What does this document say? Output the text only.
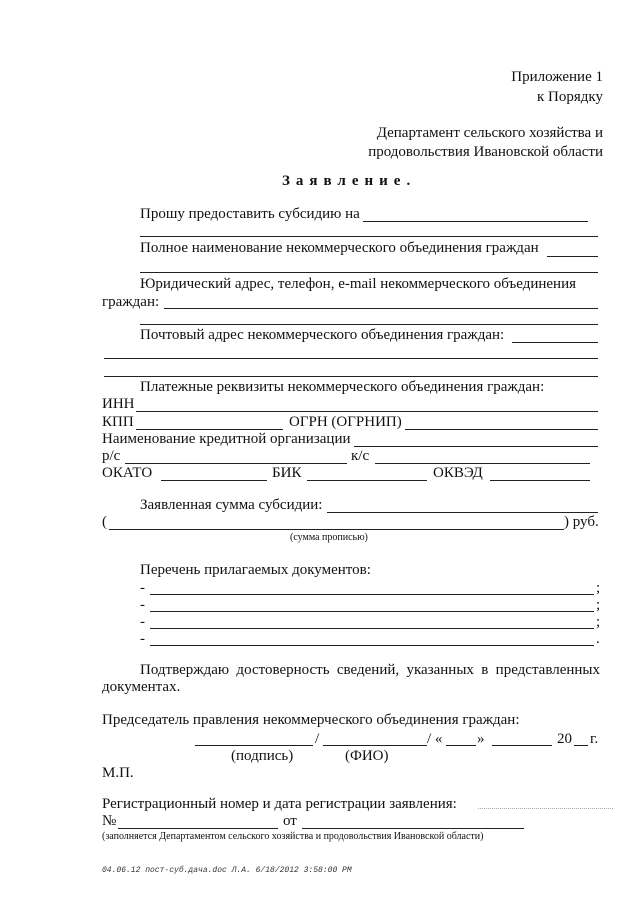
Приложение 1
к Порядку
Департамент сельского хозяйства и
продовольствия Ивановской области
Заявление.
Прошу предоставить субсидию на
Полное наименование некоммерческого объединения граждан
Юридический адрес, телефон, e-mail некоммерческого объединения
граждан:
Почтовый адрес некоммерческого объединения граждан:
Платежные реквизиты некоммерческого объединения граждан:
ИНН
КПП	ОГРН (ОГРНИП)
Наименование кредитной организации
р/с	к/с
ОКАТО	БИК	ОКВЭД
Заявленная сумма субсидии:
(	) руб.
(сумма прописью)
Перечень прилагаемых документов:
-	;
-	;
-	;
-	.
Подтверждаю достоверность сведений, указанных в представленных
документах.
Председатель правления некоммерческого объединения граждан:
/	/ « »	20 г.
(подпись)	(ФИО)
М.П.
Регистрационный номер и дата регистрации заявления:
№	от
(заполняется Департаментом сельского хозяйства и продовольствия Ивановской области)
04.06.12 пост-суб.дача.doc Л.А. 6/18/2012 3:58:00 PM
